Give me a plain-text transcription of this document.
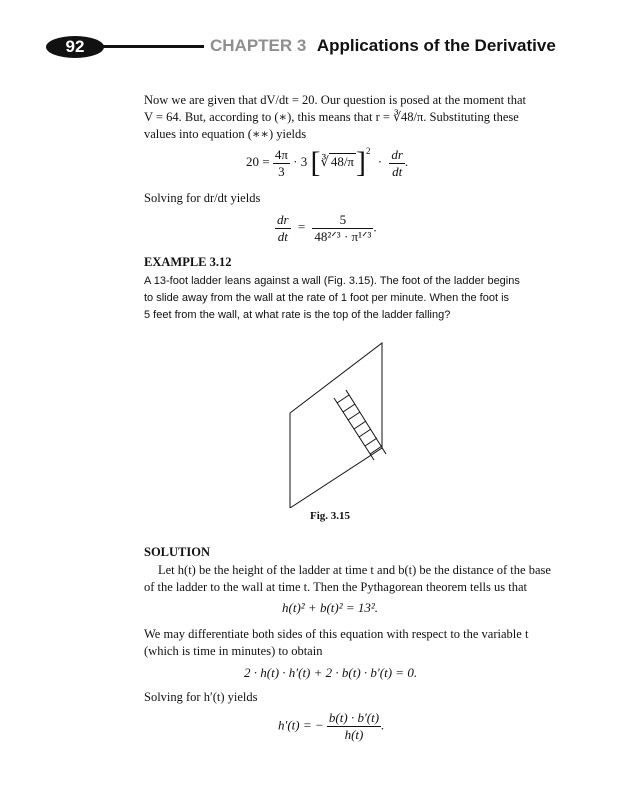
92	CHAPTER 3 Applications of the Derivative
Now we are given that dV/dt = 20. Our question is posed at the moment that
V = 64. But, according to (∗), this means that r = ∛48/π. Substituting these
values into equation (∗∗) yields
$20 = \frac{4\pi}{3} \cdot 3$ [∛ $48/\pi]^2 \cdot \frac{dr}{dt}$ .
Solving for dr/dt yields
$\frac{dr}{dt} = \frac{5}{\text{48²ᐟ³ · π¹ᐟ³}}$ .
EXAMPLE 3.12
A 13-foot ladder leans against a wall (Fig. 3.15). The foot of the ladder begins
to slide away from the wall at the rate of 1 foot per minute. When the foot is
5 feet from the wall, at what rate is the top of the ladder falling?
Fig. 3.15
SOLUTION
Let h(t) be the height of the ladder at time t and b(t) be the distance of the base
of the ladder to the wall at time t. Then the Pythagorean theorem tells us that
h(t)² + b(t)² = 13².
We may differentiate both sides of this equation with respect to the variable t
(which is time in minutes) to obtain
2 · h(t) · h′(t) + 2 · b(t) · b′(t) = 0.
Solving for h′(t) yields
h′(t) = − $\frac{b(t) \cdot b'(t)}{h(t)}$ .
